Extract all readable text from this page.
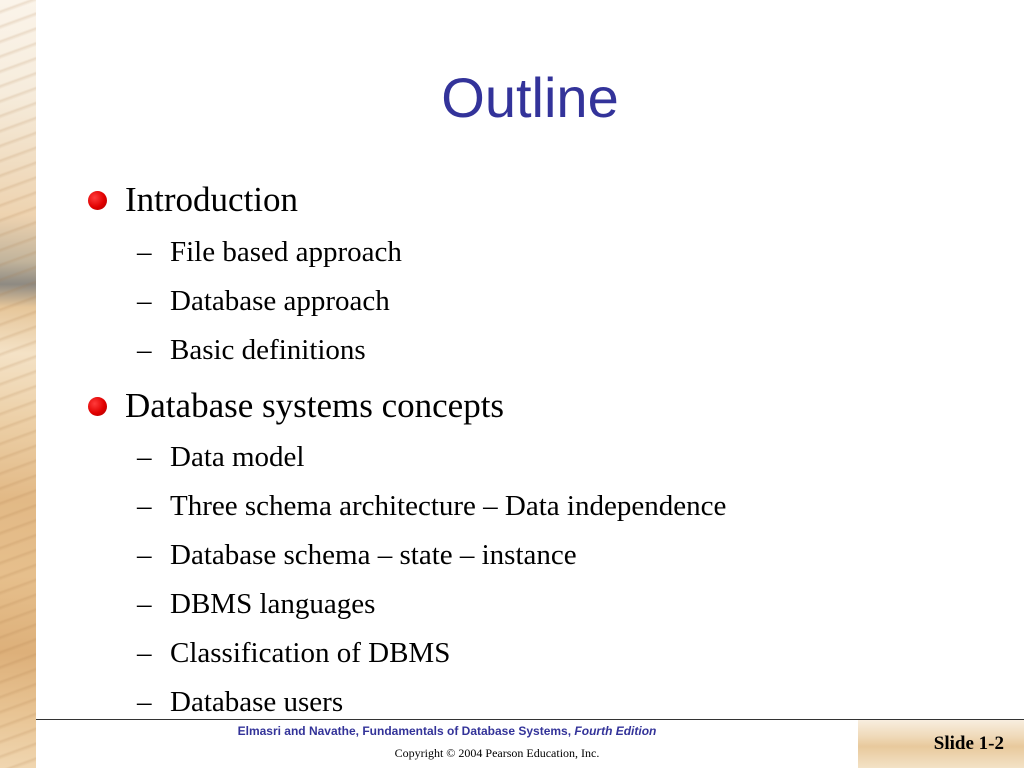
Outline
Introduction
– File based approach
– Database approach
– Basic definitions
Database systems concepts
– Data model
– Three schema architecture – Data independence
– Database schema – state – instance
– DBMS languages
– Classification of DBMS
– Database users
Elmasri and Navathe, Fundamentals of Database Systems, Fourth Edition
Copyright © 2004 Pearson Education, Inc.	Slide 1-2
